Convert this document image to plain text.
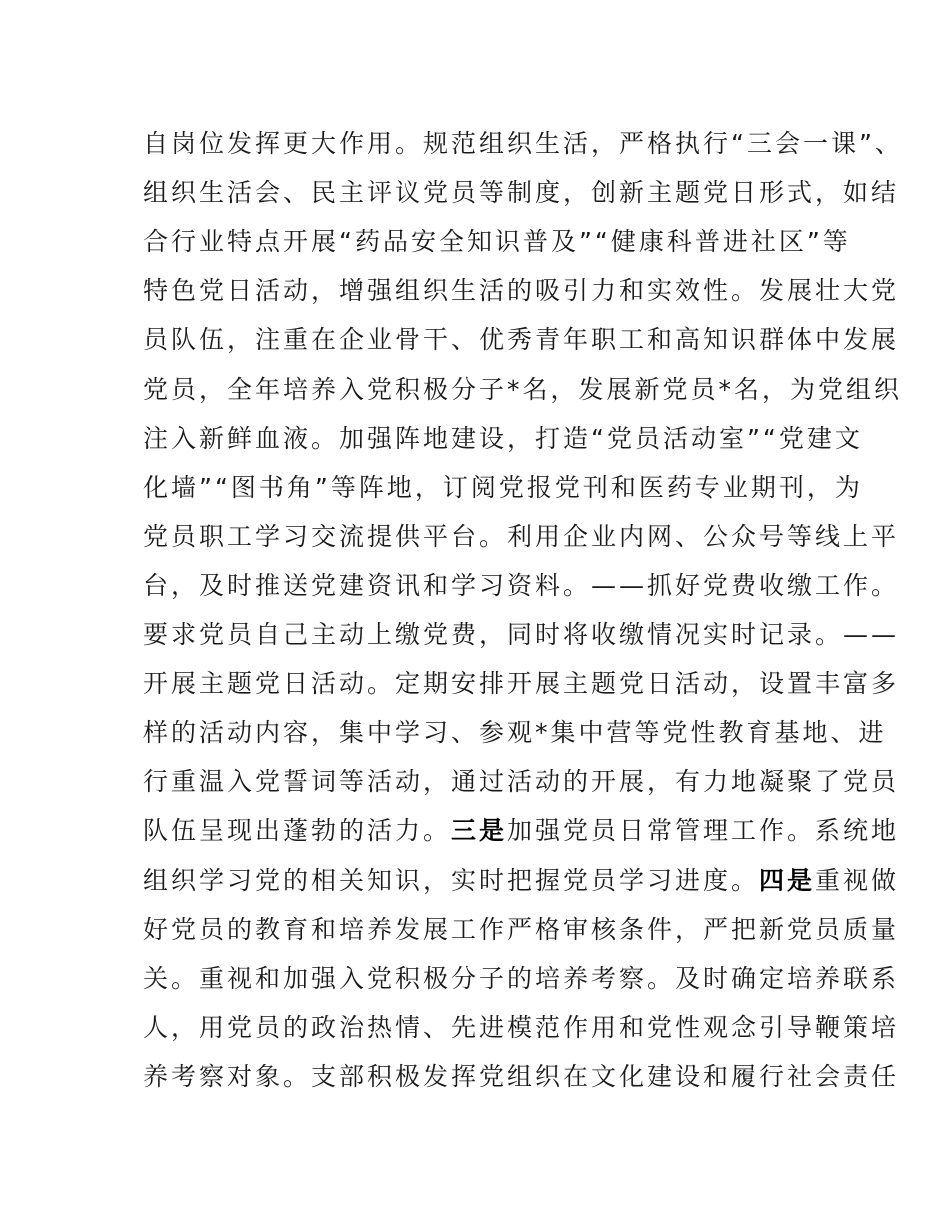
自岗位发挥更大作用。规范组织生活，严格执行“三会一课”、
组织生活会、民主评议党员等制度，创新主题党日形式，如结
合行业特点开展“药品安全知识普及”“健康科普进社区”等
特色党日活动，增强组织生活的吸引力和实效性。发展壮大党
员队伍，注重在企业骨干、优秀青年职工和高知识群体中发展
党员，全年培养入党积极分子*名，发展新党员*名，为党组织
注入新鲜血液。加强阵地建设，打造“党员活动室”“党建文
化墙”“图书角”等阵地，订阅党报党刊和医药专业期刊，为
党员职工学习交流提供平台。利用企业内网、公众号等线上平
台，及时推送党建资讯和学习资料。——抓好党费收缴工作。
要求党员自己主动上缴党费，同时将收缴情况实时记录。——
开展主题党日活动。定期安排开展主题党日活动，设置丰富多
样的活动内容，集中学习、参观*集中营等党性教育基地、进
行重温入党誓词等活动，通过活动的开展，有力地凝聚了党员
队伍呈现出蓬勃的活力。三是加强党员日常管理工作。系统地
组织学习党的相关知识，实时把握党员学习进度。四是重视做
好党员的教育和培养发展工作严格审核条件，严把新党员质量
关。重视和加强入党积极分子的培养考察。及时确定培养联系
人，用党员的政治热情、先进模范作用和党性观念引导鞭策培
养考察对象。支部积极发挥党组织在文化建设和履行社会责任
